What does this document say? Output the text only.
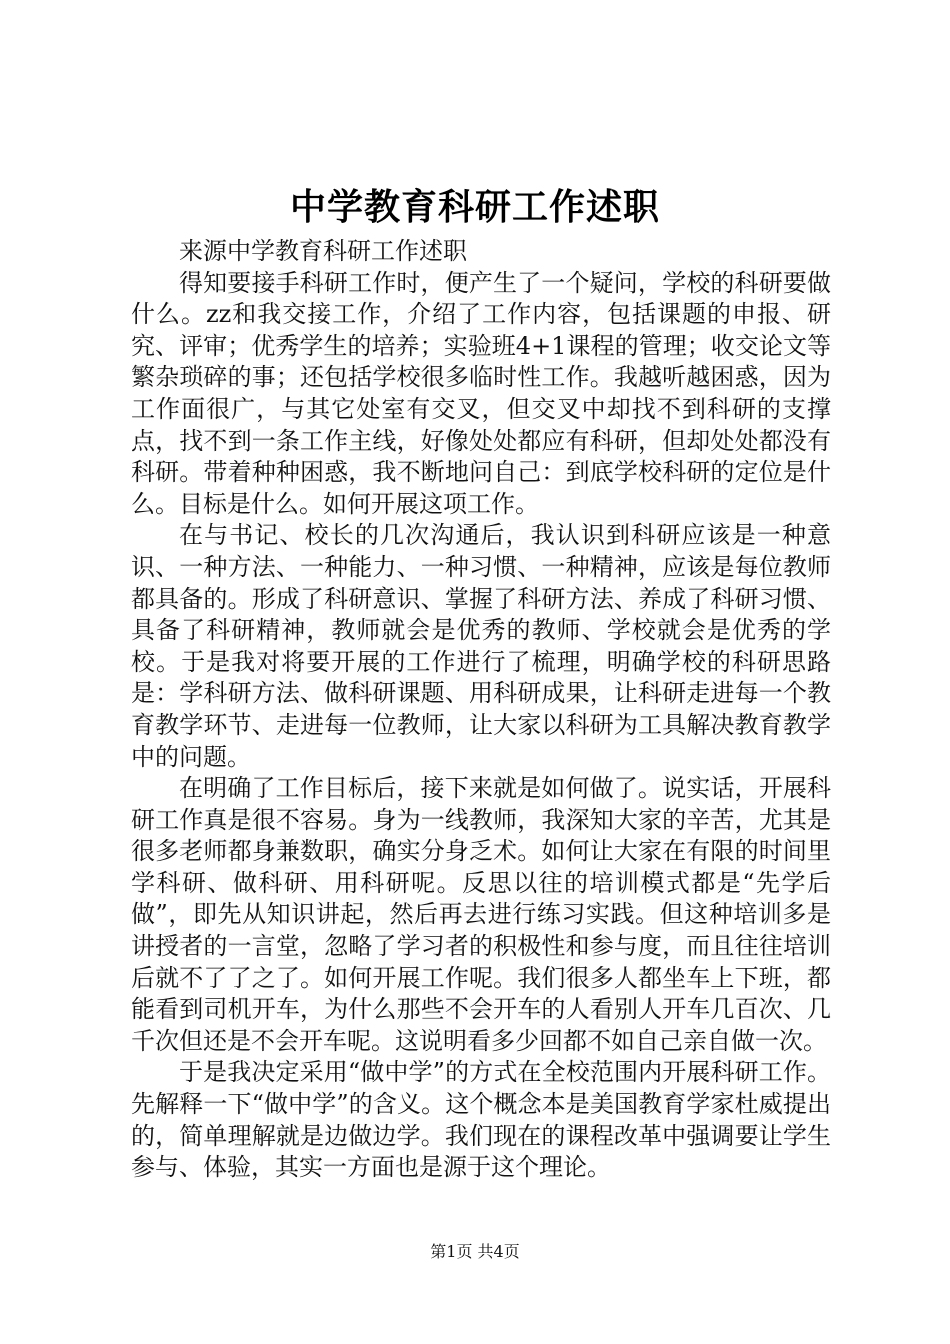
中学教育科研工作述职

来源中学教育科研工作述职

得知要接手科研工作时，便产生了一个疑问，学校的科研要做什么。zz和我交接工作，介绍了工作内容，包括课题的申报、研究、评审；优秀学生的培养；实验班4+1课程的管理；收交论文等繁杂琐碎的事；还包括学校很多临时性工作。我越听越困惑，因为工作面很广，与其它处室有交叉，但交叉中却找不到科研的支撑点，找不到一条工作主线，好像处处都应有科研，但却处处都没有科研。带着种种困惑，我不断地问自己：到底学校科研的定位是什么。目标是什么。如何开展这项工作。

在与书记、校长的几次沟通后，我认识到科研应该是一种意识、一种方法、一种能力、一种习惯、一种精神，应该是每位教师都具备的。形成了科研意识、掌握了科研方法、养成了科研习惯、具备了科研精神，教师就会是优秀的教师、学校就会是优秀的学校。于是我对将要开展的工作进行了梳理，明确学校的科研思路是：学科研方法、做科研课题、用科研成果，让科研走进每一个教育教学环节、走进每一位教师，让大家以科研为工具解决教育教学中的问题。

在明确了工作目标后，接下来就是如何做了。说实话，开展科研工作真是很不容易。身为一线教师，我深知大家的辛苦，尤其是很多老师都身兼数职，确实分身乏术。如何让大家在有限的时间里学科研、做科研、用科研呢。反思以往的培训模式都是“先学后做”，即先从知识讲起，然后再去进行练习实践。但这种培训多是讲授者的一言堂，忽略了学习者的积极性和参与度，而且往往培训后就不了了之了。如何开展工作呢。我们很多人都坐车上下班，都能看到司机开车，为什么那些不会开车的人看别人开车几百次、几千次但还是不会开车呢。这说明看多少回都不如自己亲自做一次。

于是我决定采用“做中学”的方式在全校范围内开展科研工作。先解释一下“做中学”的含义。这个概念本是美国教育学家杜威提出的，简单理解就是边做边学。我们现在的课程改革中强调要让学生参与、体验，其实一方面也是源于这个理论。

第1页 共4页
